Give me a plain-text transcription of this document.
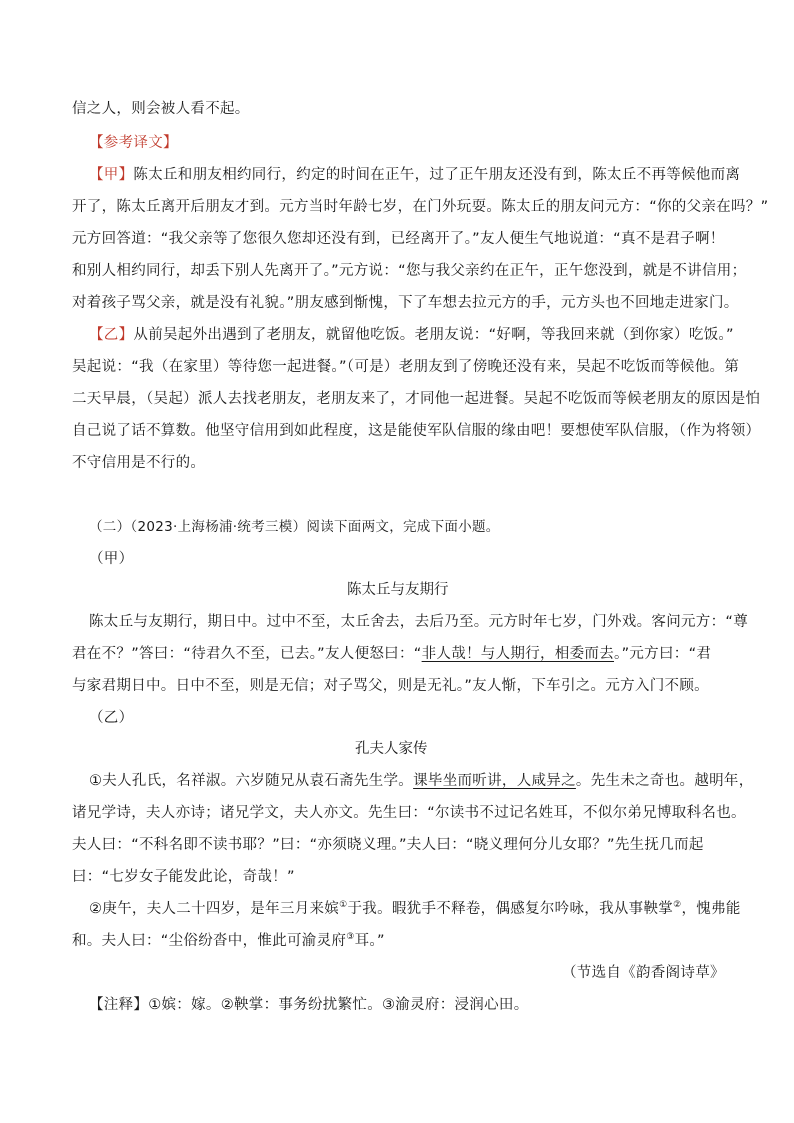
信之人，则会被人看不起。
【参考译文】
【甲】陈太丘和朋友相约同行，约定的时间在正午，过了正午朋友还没有到，陈太丘不再等候他而离
开了，陈太丘离开后朋友才到。元方当时年龄七岁，在门外玩耍。陈太丘的朋友问元方：“你的父亲在吗？”
元方回答道：“我父亲等了您很久您却还没有到，已经离开了。”友人便生气地说道：“真不是君子啊！
和别人相约同行，却丢下别人先离开了。”元方说：“您与我父亲约在正午，正午您没到，就是不讲信用；
对着孩子骂父亲，就是没有礼貌。”朋友感到惭愧，下了车想去拉元方的手，元方头也不回地走进家门。
【乙】从前吴起外出遇到了老朋友，就留他吃饭。老朋友说：“好啊，等我回来就（到你家）吃饭。”
吴起说：“我（在家里）等待您一起进餐。”（可是）老朋友到了傍晚还没有来，吴起不吃饭而等候他。第
二天早晨，（吴起）派人去找老朋友，老朋友来了，才同他一起进餐。吴起不吃饭而等候老朋友的原因是怕
自己说了话不算数。他坚守信用到如此程度，这是能使军队信服的缘由吧！要想使军队信服，（作为将领）
不守信用是不行的。
（二）（2023·上海杨浦·统考三模）阅读下面两文，完成下面小题。
（甲）
陈太丘与友期行
陈太丘与友期行，期日中。过中不至，太丘舍去，去后乃至。元方时年七岁，门外戏。客问元方：“尊
君在不？”答曰：“待君久不至，已去。”友人便怒曰：“非人哉！与人期行，相委而去。”元方曰：“君
与家君期日中。日中不至，则是无信；对子骂父，则是无礼。”友人惭，下车引之。元方入门不顾。
（乙）
孔夫人家传
①夫人孔氏，名祥淑。六岁随兄从袁石斋先生学。课毕坐而听讲，人咸异之。先生未之奇也。越明年，
诸兄学诗，夫人亦诗；诸兄学文，夫人亦文。先生曰：“尔读书不过记名姓耳，不似尔弟兄博取科名也。
夫人曰：“不科名即不读书耶？”曰：“亦须晓义理。”夫人曰：“晓义理何分儿女耶？”先生抚几而起
曰：“七岁女子能发此论，奇哉！”
②庚午，夫人二十四岁，是年三月来嫔①于我。暇犹手不释卷，偶感复尔吟咏，我从事鞅掌②，愧弗能
和。夫人曰：“尘俗纷沓中，惟此可渝灵府③耳。”
（节选自《韵香阁诗草》
【注释】①嫔：嫁。②鞅掌：事务纷扰繁忙。③渝灵府：浸润心田。
